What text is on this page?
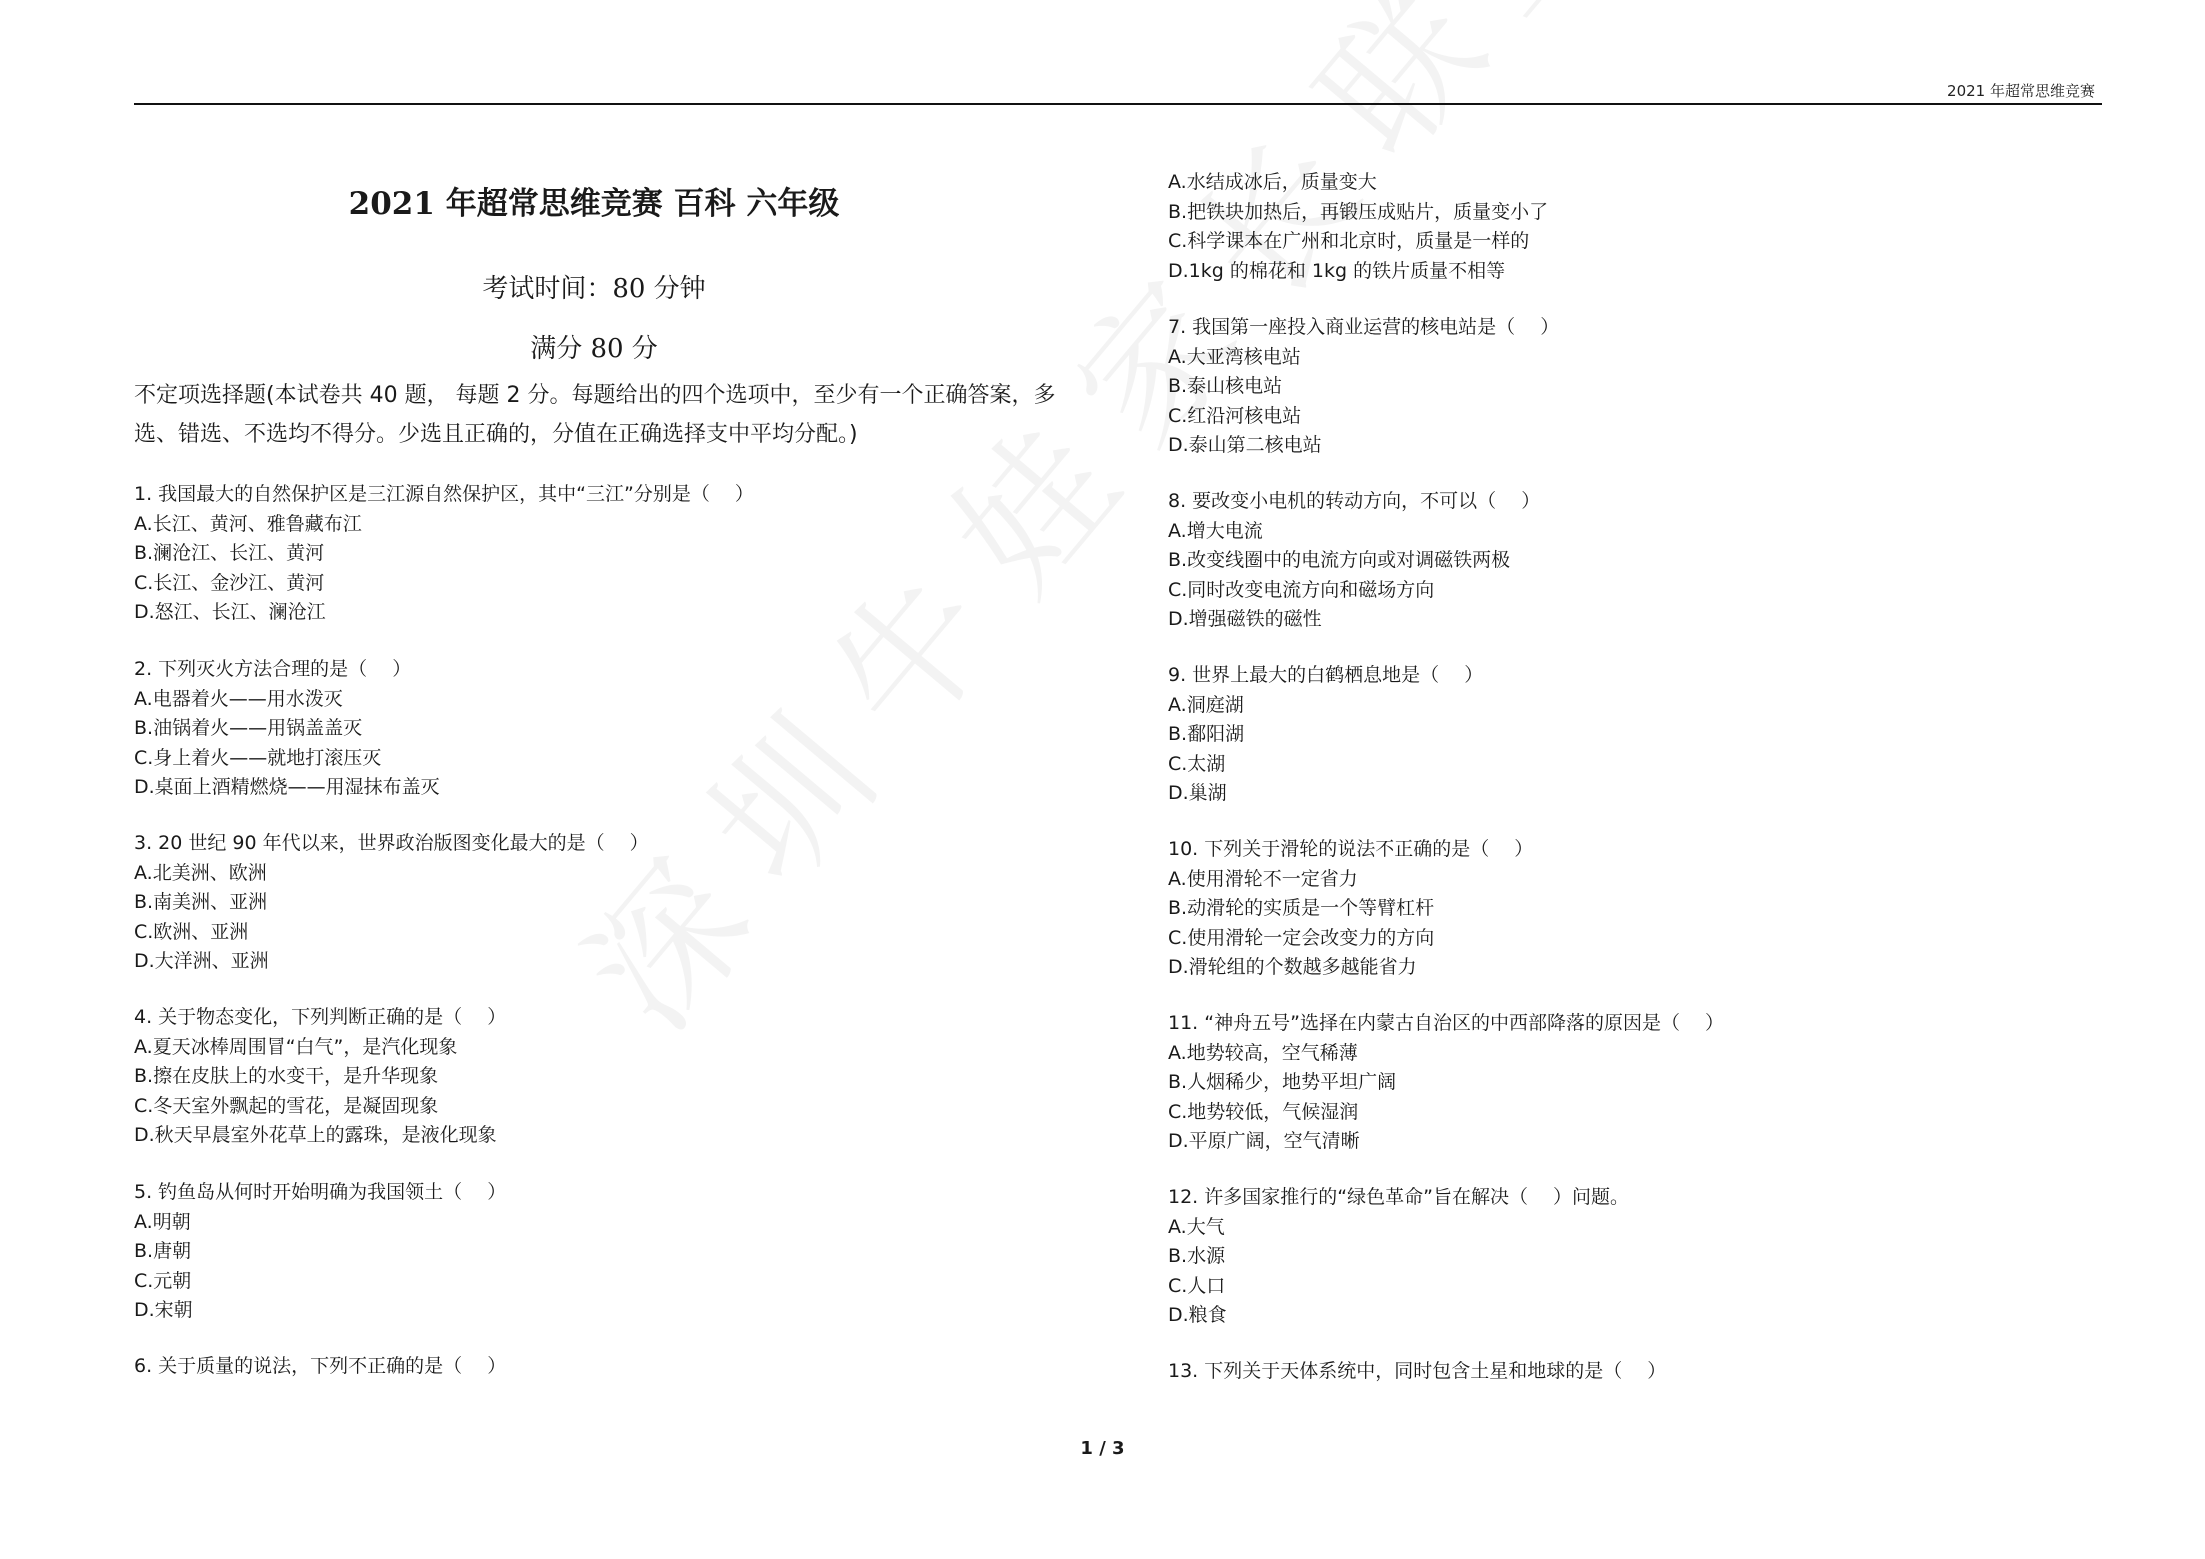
2021 年超常思维竞赛
2021 年超常思维竞赛 百科 六年级
考试时间：80 分钟
满分 80 分
不定项选择题(本试卷共 40 题， 每题 2 分。每题给出的四个选项中，至少有一个正确答案，多选、错选、不选均不得分。少选且正确的，分值在正确选择支中平均分配。)
1. 我国最大的自然保护区是三江源自然保护区，其中“三江”分别是（　 ）
A.长江、黄河、雅鲁藏布江
B.澜沧江、长江、黄河
C.长江、金沙江、黄河
D.怒江、长江、澜沧江
2. 下列灭火方法合理的是（　 ）
A.电器着火——用水泼灭
B.油锅着火——用锅盖盖灭
C.身上着火——就地打滚压灭
D.桌面上酒精燃烧——用湿抹布盖灭
3. 20 世纪 90 年代以来，世界政治版图变化最大的是（　 ）
A.北美洲、欧洲
B.南美洲、亚洲
C.欧洲、亚洲
D.大洋洲、亚洲
4. 关于物态变化，下列判断正确的是（　 ）
A.夏天冰棒周围冒“白气”，是汽化现象
B.擦在皮肤上的水变干，是升华现象
C.冬天室外飘起的雪花，是凝固现象
D.秋天早晨室外花草上的露珠，是液化现象
5. 钓鱼岛从何时开始明确为我国领土（　 ）
A.明朝
B.唐朝
C.元朝
D.宋朝
6. 关于质量的说法，下列不正确的是（　 ）
A.水结成冰后，质量变大
B.把铁块加热后，再锻压成贴片，质量变小了
C.科学课本在广州和北京时，质量是一样的
D.1kg 的棉花和 1kg 的铁片质量不相等
7. 我国第一座投入商业运营的核电站是（　 ）
A.大亚湾核电站
B.泰山核电站
C.红沿河核电站
D.泰山第二核电站
8. 要改变小电机的转动方向，不可以（　 ）
A.增大电流
B.改变线圈中的电流方向或对调磁铁两极
C.同时改变电流方向和磁场方向
D.增强磁铁的磁性
9. 世界上最大的白鹤栖息地是（　 ）
A.洞庭湖
B.鄱阳湖
C.太湖
D.巢湖
10. 下列关于滑轮的说法不正确的是（　 ）
A.使用滑轮不一定省力
B.动滑轮的实质是一个等臂杠杆
C.使用滑轮一定会改变力的方向
D.滑轮组的个数越多越能省力
11. “神舟五号”选择在内蒙古自治区的中西部降落的原因是（　 ）
A.地势较高，空气稀薄
B.人烟稀少，地势平坦广阔
C.地势较低，气候湿润
D.平原广阔，空气清晰
12. 许多国家推行的“绿色革命”旨在解决（　 ）问题。
A.大气
B.水源
C.人口
D.粮食
13. 下列关于天体系统中，同时包含土星和地球的是（　 ）
1 / 3
